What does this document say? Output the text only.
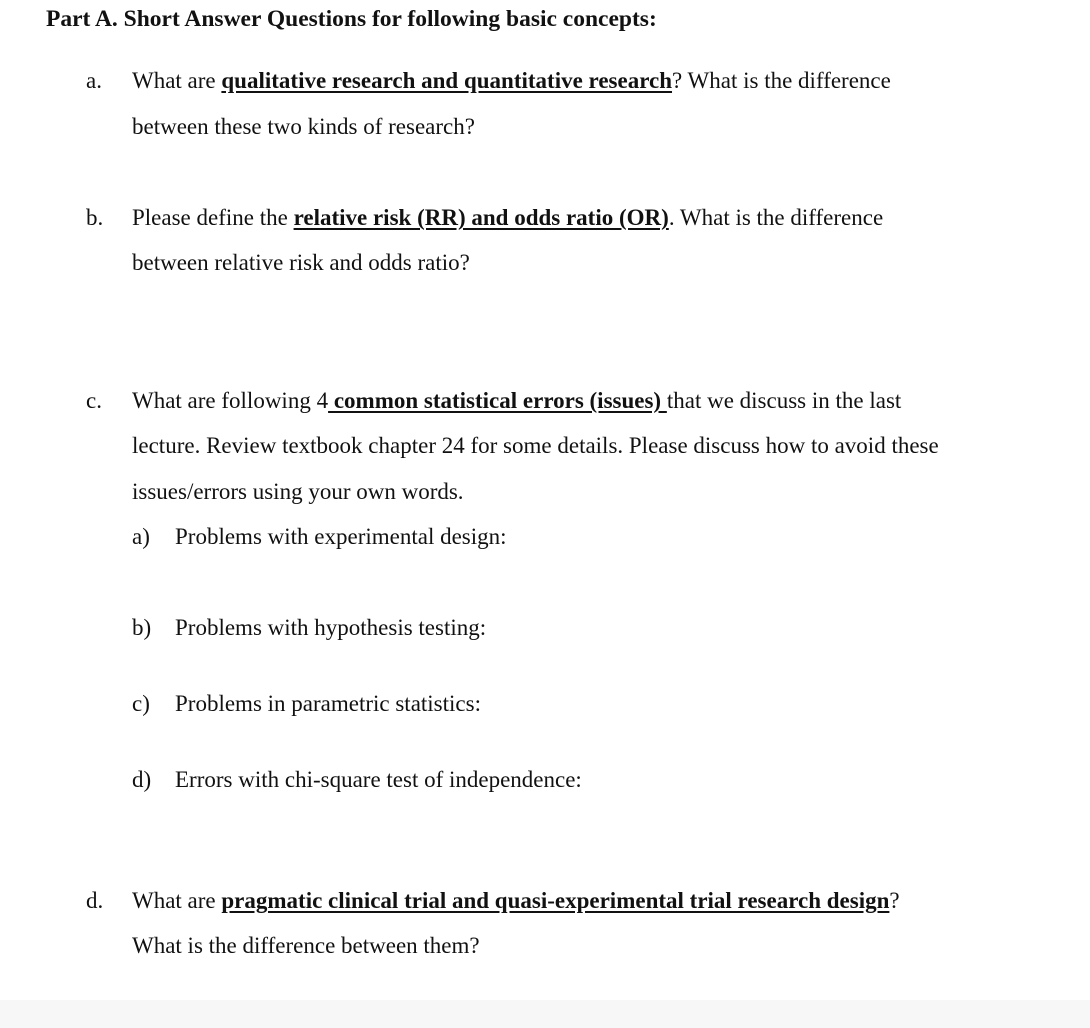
Part A. Short Answer Questions for following basic concepts:
a. What are qualitative research and quantitative research? What is the difference
between these two kinds of research?
b. Please define the relative risk (RR) and odds ratio (OR). What is the difference
between relative risk and odds ratio?
c. What are following 4 common statistical errors (issues) that we discuss in the last
lecture. Review textbook chapter 24 for some details. Please discuss how to avoid these
issues/errors using your own words.
a) Problems with experimental design:
b) Problems with hypothesis testing:
c) Problems in parametric statistics:
d) Errors with chi-square test of independence:
d. What are pragmatic clinical trial and quasi-experimental trial research design?
What is the difference between them?
